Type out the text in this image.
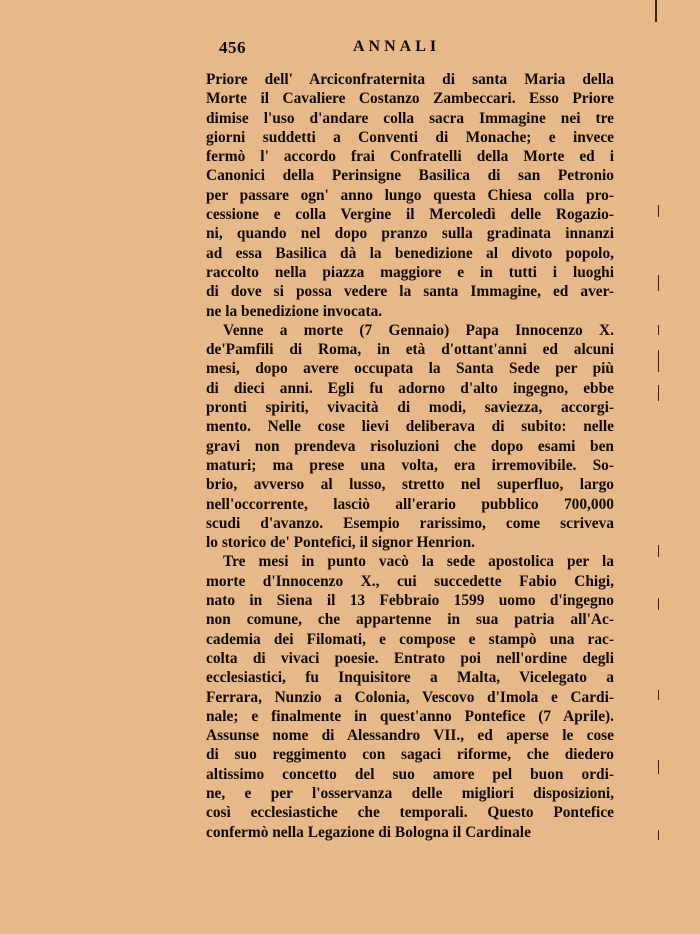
456	ANNALI
Priore dell' Arciconfraternita di santa Maria della
Morte il Cavaliere Costanzo Zambeccari. Esso Priore
dimise l'uso d'andare colla sacra Immagine nei tre
giorni suddetti a Conventi di Monache; e invece
fermò l' accordo frai Confratelli della Morte ed i
Canonici della Perinsigne Basilica di san Petronio
per passare ogn' anno lungo questa Chiesa colla pro-
cessione e colla Vergine il Mercoledì delle Rogazio-
ni, quando nel dopo pranzo sulla gradinata innanzi
ad essa Basilica dà la benedizione al divoto popolo,
raccolto nella piazza maggiore e in tutti i luoghi
di dove si possa vedere la santa Immagine, ed aver-
ne la benedizione invocata.
Venne a morte (7 Gennaio) Papa Innocenzo X.
de'Pamfili di Roma, in età d'ottant'anni ed alcuni
mesi, dopo avere occupata la Santa Sede per più
di dieci anni. Egli fu adorno d'alto ingegno, ebbe
pronti spiriti, vivacità di modi, saviezza, accorgi-
mento. Nelle cose lievi deliberava di subito: nelle
gravi non prendeva risoluzioni che dopo esami ben
maturi; ma prese una volta, era irremovibile. So-
brio, avverso al lusso, stretto nel superfluo, largo
nell'occorrente, lasciò all'erario pubblico 700,000
scudi d'avanzo. Esempio rarissimo, come scriveva
lo storico de' Pontefici, il signor Henrion.
Tre mesi in punto vacò la sede apostolica per la
morte d'Innocenzo X., cui succedette Fabio Chigi,
nato in Siena il 13 Febbraio 1599 uomo d'ingegno
non comune, che appartenne in sua patria all'Ac-
cademia dei Filomati, e compose e stampò una rac-
colta di vivaci poesie. Entrato poi nell'ordine degli
ecclesiastici, fu Inquisitore a Malta, Vicelegato a
Ferrara, Nunzio a Colonia, Vescovo d'Imola e Cardi-
nale; e finalmente in quest'anno Pontefice (7 Aprile).
Assunse nome di Alessandro VII., ed aperse le cose
di suo reggimento con sagaci riforme, che diedero
altissimo concetto del suo amore pel buon ordi-
ne, e per l'osservanza delle migliori disposizioni,
così ecclesiastiche che temporali. Questo Pontefice
confermò nella Legazione di Bologna il Cardinale
